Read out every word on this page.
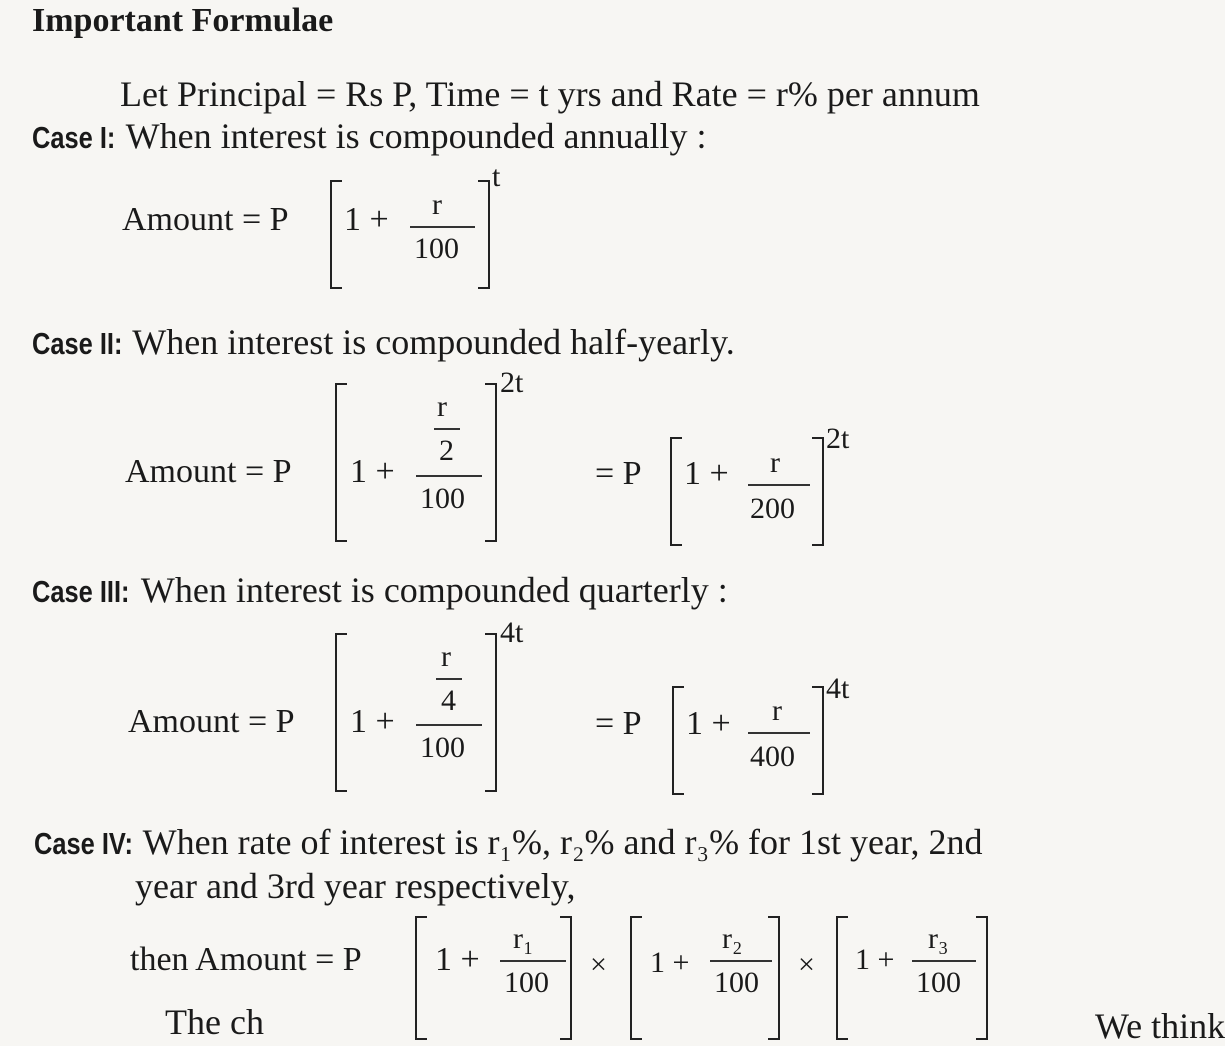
Important Formulae
Let Principal = Rs P, Time = t yrs and Rate = r% per annum
Case I: When interest is compounded annually :
Amount = P 1 + r
100
t
Case II: When interest is compounded half-yearly.
Amount = P 1 +
r
2
100
2t
= P 1 + r
200
2t
Case III: When interest is compounded quarterly :
Amount = P 1 +
r
4
100
4t
= P 1 + r
400
4t
Case IV: When rate of interest is r₁%, r₂% and r₃% for 1st year, 2nd
year and 3rd year respectively,
then Amount = P 1 +
r₁
100
× 1 +
r₂
100
× 1 +
r₃
100
The ch	We think
